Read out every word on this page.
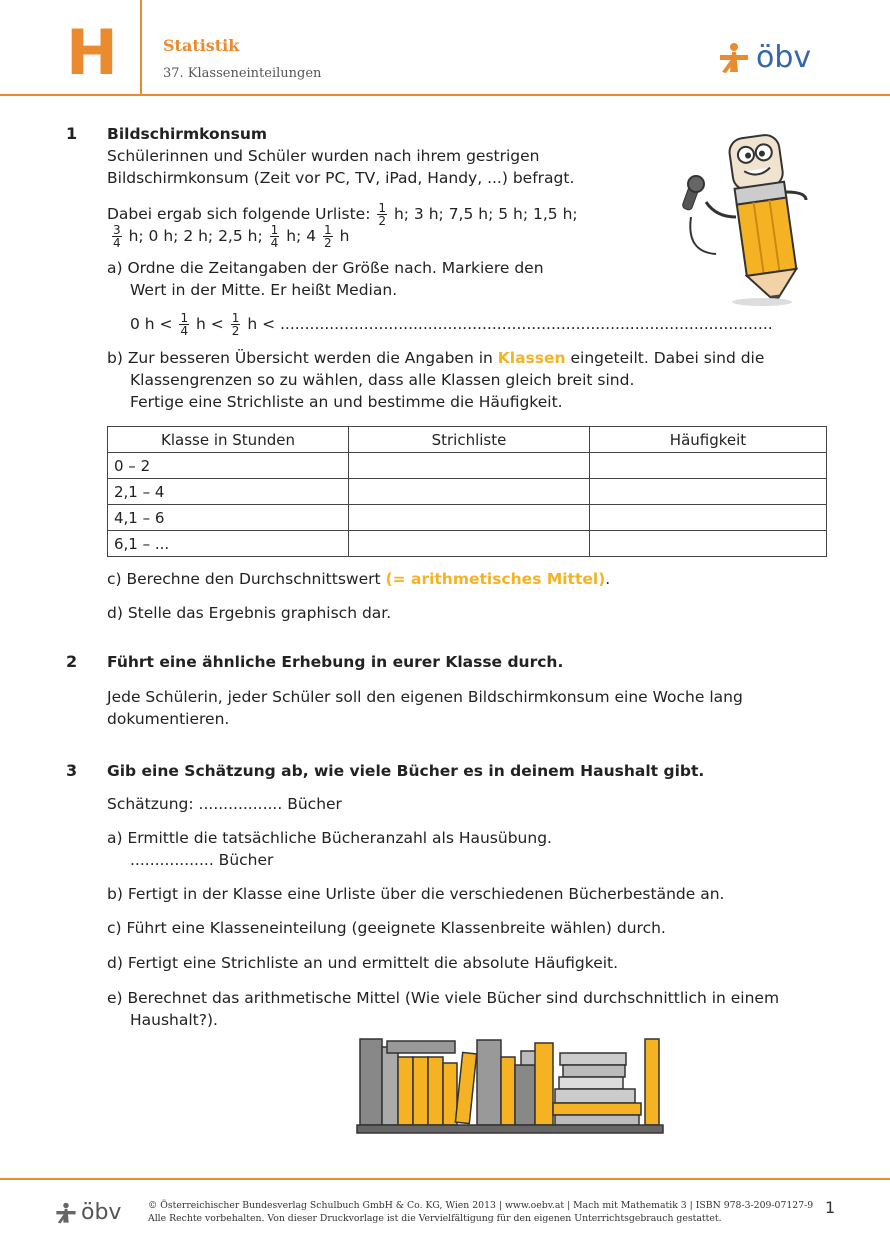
H	Statistik
37. Klasseneinteilungen	öbv
1 Bildschirmkonsum
Schülerinnen und Schüler wurden nach ihrem gestrigen
Bildschirmkonsum (Zeit vor PC, TV, iPad, Handy, ...) befragt.
Dabei ergab sich folgende Urliste: $\frac{1}{2} h$; 3 h; 7,5 h; 5 h; 1,5 h;
$\frac{3}{4} h$; 0 h; 2 h; 2,5 h; $\frac{1}{4} h$; $4 \frac{1}{2}$ h
a) Ordne die Zeitangaben der Größe nach. Markiere den
Wert in der Mitte. Er heißt Median.
0 $h < \frac{1}{4}$ $h < \frac{1}{2}$ h < ....................................................................................................
b) Zur besseren Übersicht werden die Angaben in Klassen eingeteilt. Dabei sind die
Klassengrenzen so zu wählen, dass alle Klassen gleich breit sind.
Fertige eine Strichliste an und bestimme die Häufigkeit.
Klasse in Stunden	Strichliste	Häufigkeit
0 – 2		
2,1 – 4		
4,1 – 6		
6,1 – ...		
c) Berechne den Durchschnittswert (= arithmetisches Mittel).
d) Stelle das Ergebnis graphisch dar.
2 Führt eine ähnliche Erhebung in eurer Klasse durch.
Jede Schülerin, jeder Schüler soll den eigenen Bildschirmkonsum eine Woche lang
dokumentieren.
3 Gib eine Schätzung ab, wie viele Bücher es in deinem Haushalt gibt.
Schätzung: ................. Bücher
a) Ermittle die tatsächliche Bücheranzahl als Hausübung.
................. Bücher
b) Fertigt in der Klasse eine Urliste über die verschiedenen Bücherbestände an.
c) Führt eine Klasseneinteilung (geeignete Klassenbreite wählen) durch.
d) Fertigt eine Strichliste an und ermittelt die absolute Häufigkeit.
e) Berechnet das arithmetische Mittel (Wie viele Bücher sind durchschnittlich in einem
Haushalt?).
öbv	© Österreichischer Bundesverlag Schulbuch GmbH & Co. KG, Wien 2013 | www.oebv.at | Mach mit Mathematik 3 | ISBN 978-3-209-07127-9
Alle Rechte vorbehalten. Von dieser Druckvorlage ist die Vervielfältigung für den eigenen Unterrichtsgebrauch gestattet.
1
